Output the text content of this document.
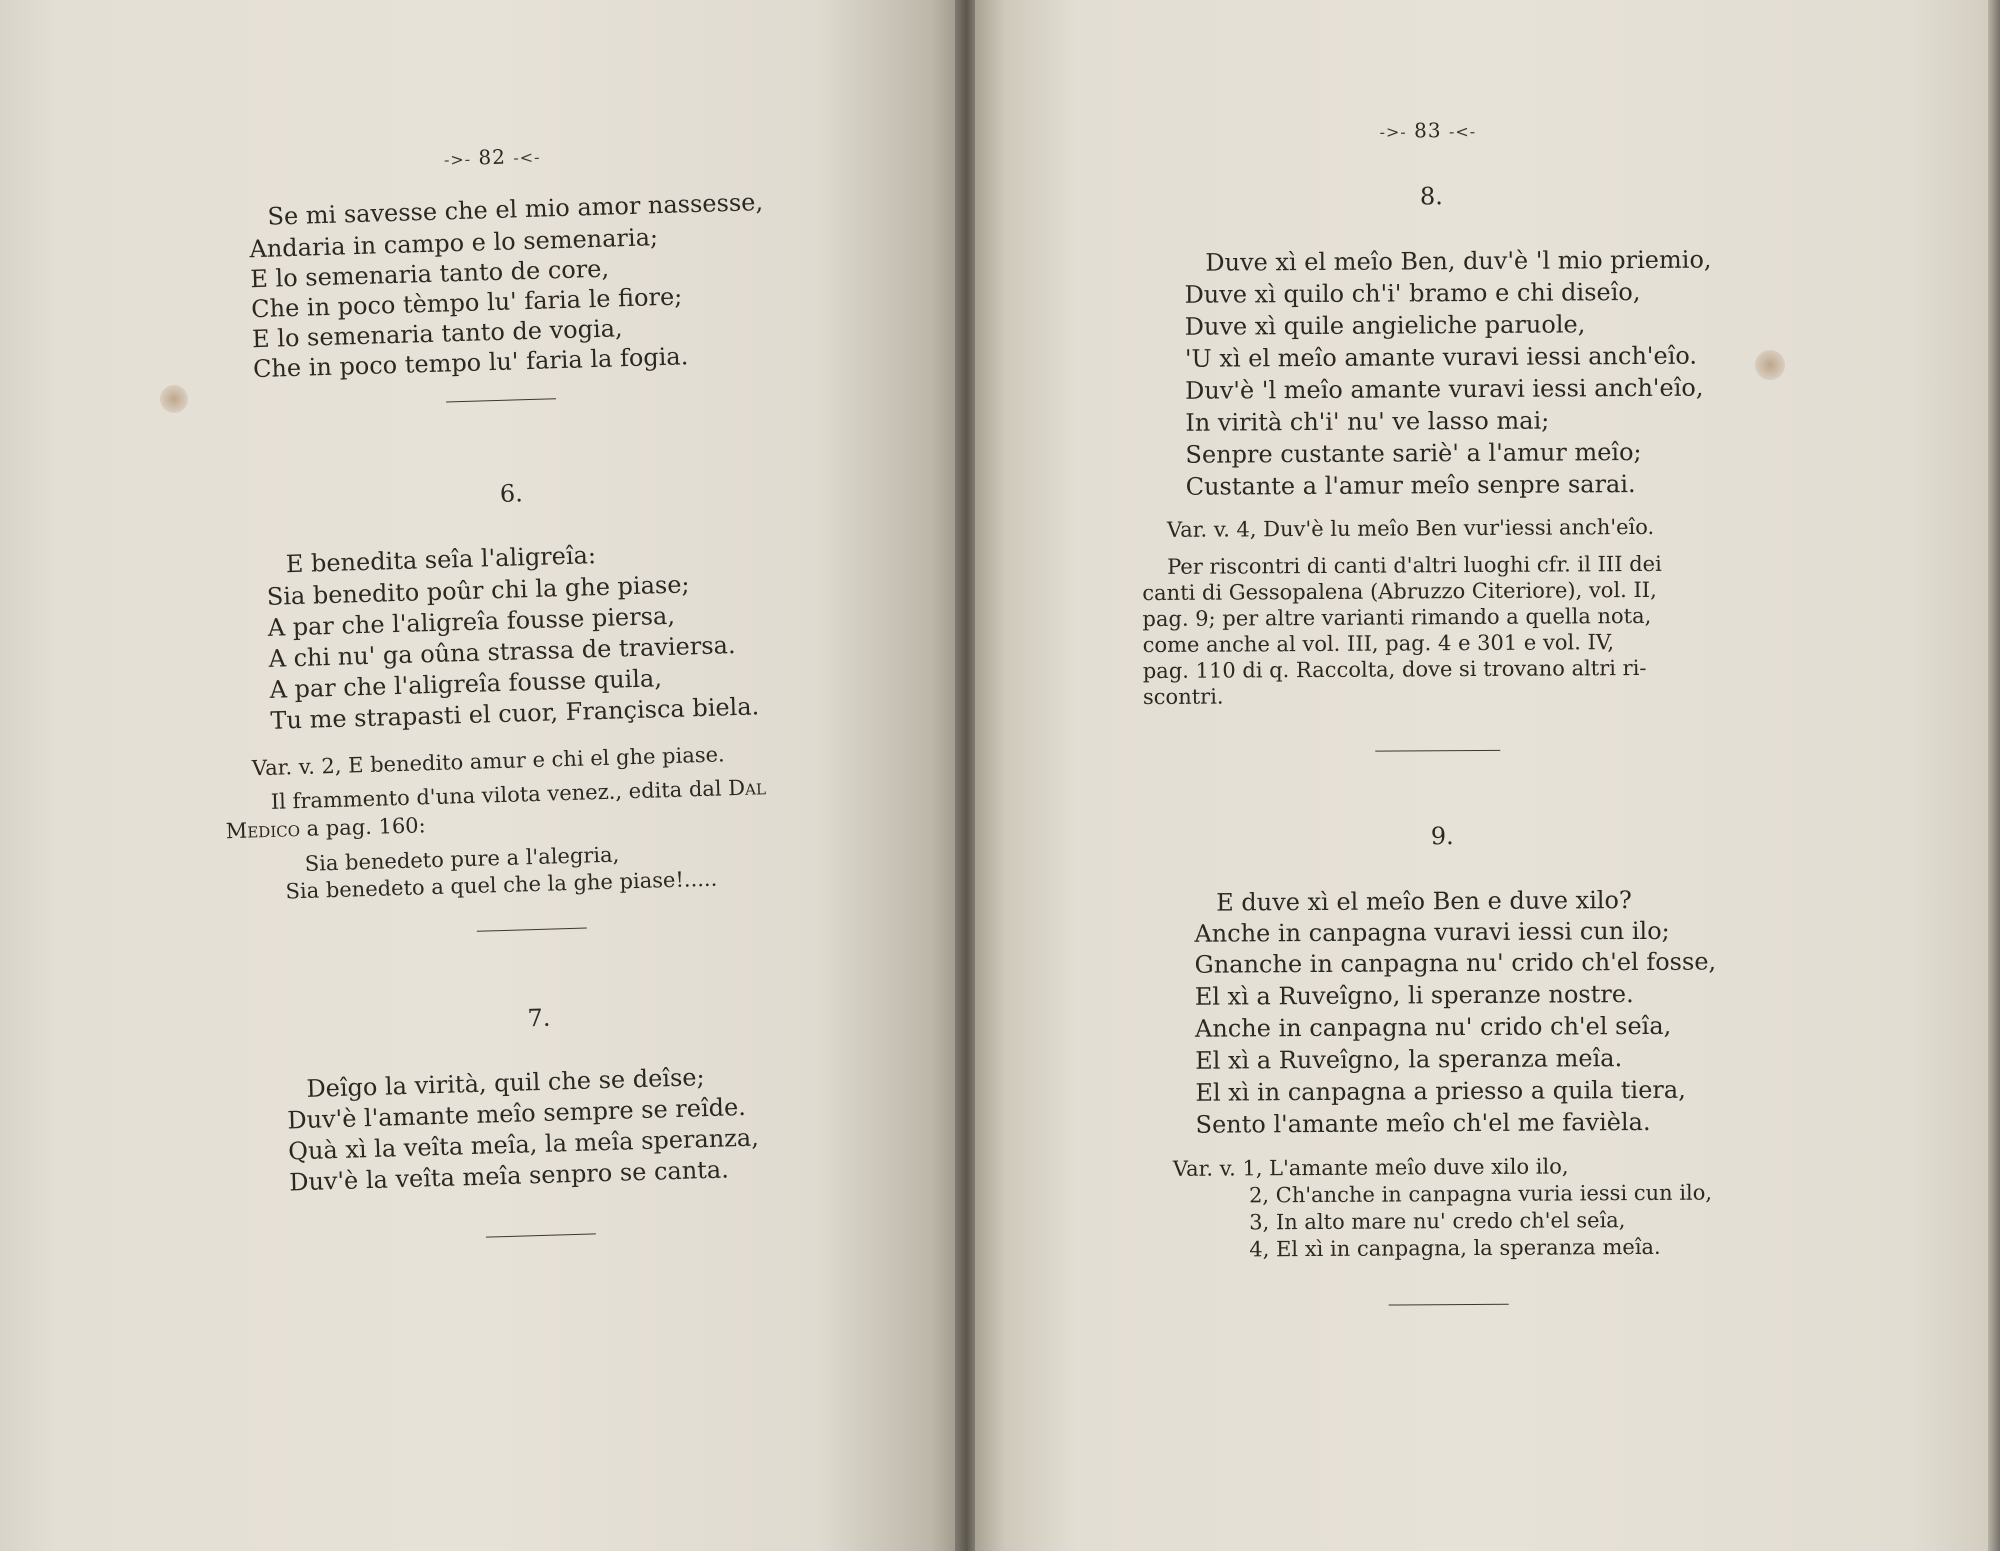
->- 82 -<-
Se mi savesse che el mio amor nassesse,
Andaria in campo e lo semenaria;
E lo semenaria tanto de core,
Che in poco tèmpo lu' faria le fiore;
E lo semenaria tanto de vogia,
Che in poco tempo lu' faria la fogia.
6.
E benedita seîa l'aligreîa:
Sia benedito poûr chi la ghe piase;
A par che l'aligreîa fousse piersa,
A chi nu' ga oûna strassa de traviersa.
A par che l'aligreîa fousse quila,
Tu me strapasti el cuor, Françisca biela.
Var. v. 2, E benedito amur e chi el ghe piase.
Il frammento d'una vilota venez., edita dal Dal
Medico a pag. 160:
Sia benedeto pure a l'alegria,
Sia benedeto a quel che la ghe piase!.....
7.
Deîgo la virità, quil che se deîse;
Duv'è l'amante meîo sempre se reîde.
Quà xì la veîta meîa, la meîa speranza,
Duv'è la veîta meîa senpro se canta.
->- 83 -<-
8.
Duve xì el meîo Ben, duv'è 'l mio priemio,
Duve xì quilo ch'i' bramo e chi diseîo,
Duve xì quile angieliche paruole,
'U xì el meîo amante vuravi iessi anch'eîo.
Duv'è 'l meîo amante vuravi iessi anch'eîo,
In virità ch'i' nu' ve lasso mai;
Senpre custante sariè' a l'amur meîo;
Custante a l'amur meîo senpre sarai.
Var. v. 4, Duv'è lu meîo Ben vur'iessi anch'eîo.
Per riscontri di canti d'altri luoghi cfr. il III dei
canti di Gessopalena (Abruzzo Citeriore), vol. II,
pag. 9; per altre varianti rimando a quella nota,
come anche al vol. III, pag. 4 e 301 e vol. IV,
pag. 110 di q. Raccolta, dove si trovano altri ri-
scontri.
9.
E duve xì el meîo Ben e duve xilo?
Anche in canpagna vuravi iessi cun ilo;
Gnanche in canpagna nu' crido ch'el fosse,
El xì a Ruveîgno, li speranze nostre.
Anche in canpagna nu' crido ch'el seîa,
El xì a Ruveîgno, la speranza meîa.
El xì in canpagna a priesso a quila tiera,
Sento l'amante meîo ch'el me favièla.
Var. v. 1, L'amante meîo duve xilo ilo,
2, Ch'anche in canpagna vuria iessi cun ilo,
3, In alto mare nu' credo ch'el seîa,
4, El xì in canpagna, la speranza meîa.
